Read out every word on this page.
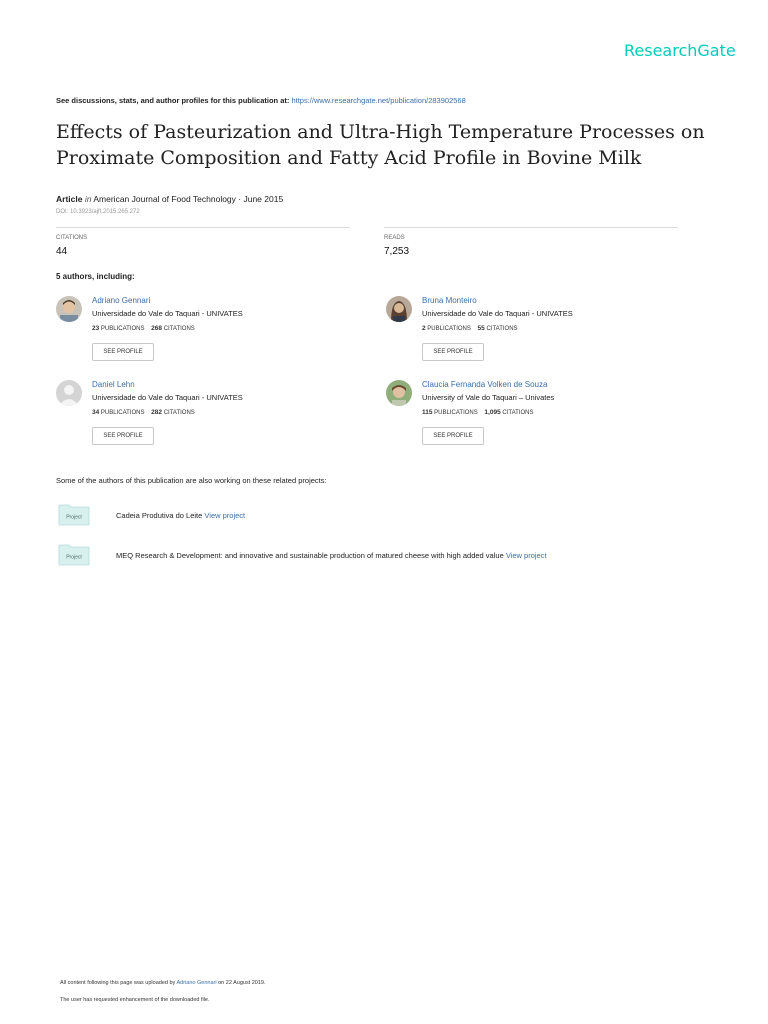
ResearchGate
See discussions, stats, and author profiles for this publication at: https://www.researchgate.net/publication/283902568
Effects of Pasteurization and Ultra-High Temperature Processes on Proximate Composition and Fatty Acid Profile in Bovine Milk
Article in American Journal of Food Technology · June 2015
DOI: 10.3923/ajft.2015.265.272
CITATIONS
44
READS
7,253
5 authors, including:
Adriano Gennari
Universidade do Vale do Taquari - UNIVATES
23 PUBLICATIONS 268 CITATIONS
SEE PROFILE
Bruna Monteiro
Universidade do Vale do Taquari - UNIVATES
2 PUBLICATIONS 55 CITATIONS
SEE PROFILE
Daniel Lehn
Universidade do Vale do Taquari - UNIVATES
34 PUBLICATIONS 282 CITATIONS
SEE PROFILE
Claucia Fernanda Volken de Souza
University of Vale do Taquari – Univates
115 PUBLICATIONS 1,095 CITATIONS
SEE PROFILE
Some of the authors of this publication are also working on these related projects:
Project	Cadeia Produtiva do Leite View project
Project	MEQ Research & Development: and innovative and sustainable production of matured cheese with high added value View project
All content following this page was uploaded by Adriano Gennari on 22 August 2019.
The user has requested enhancement of the downloaded file.
